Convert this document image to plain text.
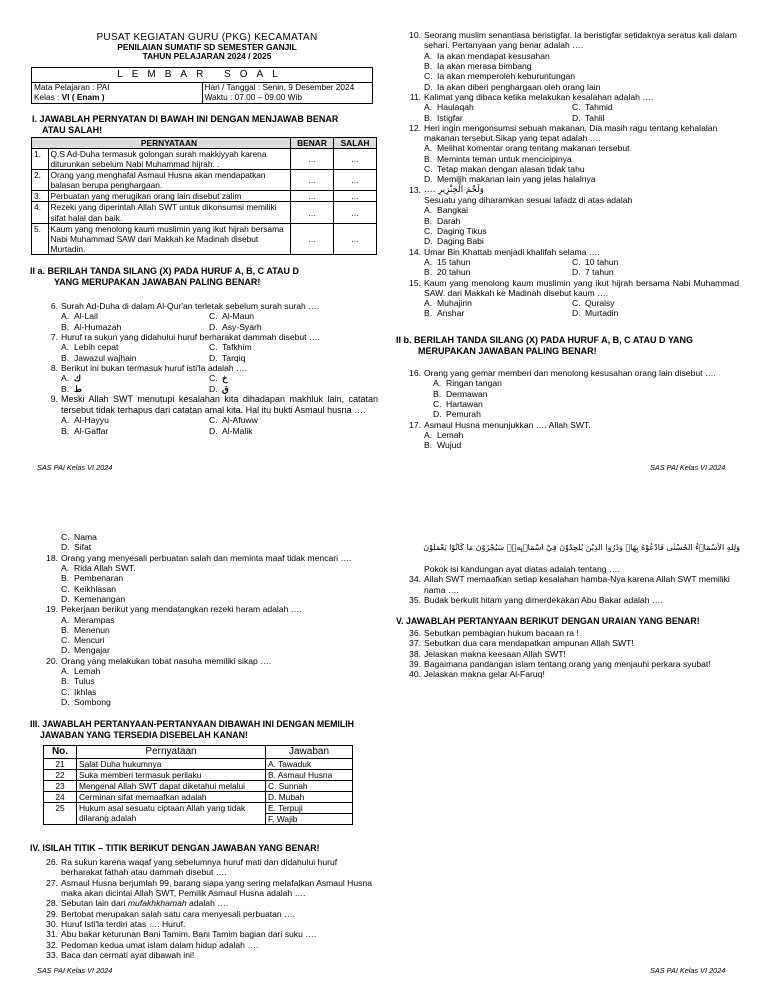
PUSAT KEGIATAN GURU (PKG) KECAMATAN
PENILAIAN SUMATIF SD SEMESTER GANJIL
TAHUN PELAJARAN 2024 / 2025
LEMBAR SOAL
Mata Pelajaran : PAI
Kelas : VI ( Enam )
Hari / Tanggal : Senin, 9 Desember 2024
Waktu : 07.00 – 09.00 Wib
I. JAWABLAH PERNYATAN DI BAWAH INI DENGAN MENJAWAB BENAR
ATAU SALAH!
	PERNYATAAN	BENAR	SALAH
1.	Q.S Ad-Duha termasuk golongan surah makkiyyah karena diturunkan sebelum Nabi Muhammad hijrah. .	…	…
2.	Orang yang menghafal Asmaul Husna akan mendapatkan balasan berupa penghargaan.	…	…
3.	Perbuatan yang merugikan orang lain disebut zalim	…	…
4.	Rezeki yang diperintah Allah SWT untuk dikonsumsi memiliki sifat halal dan baik.	…	…
5.	Kaum yang menolong kaum muslimin yang ikut hijrah bersama Nabi Muhammad SAW dari Makkah ke Madinah disebut Murtadin.	…	…
II a. BERILAH TANDA SILANG (X) PADA HURUF A, B, C ATAU D
YANG MERUPAKAN JAWABAN PALING BENAR!
6. Surah Ad-Duha di dalam Al-Qur'an terletak sebelum surah surah ….
A. Al-Lail	C. Al-Maun
B. Al-Humazah	D. Asy-Syarh
7. Huruf ra sukun yang didahului huruf berharakat dammah disebut ….
A. Lebih cepat	C. Tafkhim
B. Jawazul wajhain	D. Tarqiq
8. Berikut ini bukan termasuk huruf isti'la adalah ….
A. ك	C. خ
B. ط	D. ق
9. Meski Allah SWT menutupi kesalahan kita dihadapan makhluk lain, catatan tersebut tidak terhapus dari catatan amal kita. Hal itu bukti Asmaul husna ….
A. Al-Hayyu	C. Al-Afuww
B. Al-Gaffar	D. Al-Malik
SAS PAI Kelas VI 2024
10. Seorang muslim senantiasa beristigfar. Ia beristigfar setidaknya seratus kali dalam sehari. Pertanyaan yang benar adalah ….
A. Ia akan mendapat kesusahan
B. Ia akan merasa bimbang
C. Ia akan memperoleh keburuntungan
D. Ia akan diberi penghargaan oleh orang lain
11. Kalimat yang dibaca ketika melakukan kesalahan adalah ….
A. Haulaqah	C. Tahmid
B. Istigfar	D. Tahlil
12. Heri ingin mengonsumsi sebuah makanan. Dia masih ragu tentang kehalalan makanan tersebut.Sikap yang tepat adalah ….
A. Melihat komentar orang tentang makanan tersebut
B. Meminta teman untuk mencicipinya
C. Tetap makan dengan alasan tidak tahu
D. Memilih makanan lain yang jelas halalnya
13. …. وَلَحْمَ الْخِنْزِيرِ
Sesuatu yang diharamkan sesuai lafadz di atas adalah
A. Bangkai
B. Darah
C. Daging Tikus
D. Daging Babi
14. Umar Bin Khattab menjadi khalifah selama ….
A. 15 tahun	C. 10 tahun
B. 20 tahun	D. 7 tahun
15. Kaum yang menolong kaum muslimin yang ikut hijrah bersama Nabi Muhammad SAW. dari Makkah ke Madinah disebut kaum ….
A. Muhajirin	C. Quraisy
B. Anshar	D. Murtadin
II b. BERILAH TANDA SILANG (X) PADA HURUF A, B, C ATAU D YANG
MERUPAKAN JAWABAN PALING BENAR!
16. Orang yang gemar memberi dan menolong kesusahan orang lain disebut ….
A. Ringan tangan
B. Dermawan
C. Hartawan
D. Pemurah
17. Asmaul Husna menunjukkan …. Allah SWT.
A. Lemah
B. Wujud
SAS PAI Kelas VI 2024
C. Nama
D. Sifat
18. Orang yang menyesali perbuatan salah dan meminta maaf tidak mencari ….
A. Rida Allah SWT.
B. Pembenaran
C. Keikhlasan
D. Kemenangan
19. Pekerjaan berikut yang mendatangkan rezeki haram adalah ….
A. Merampas
B. Menenun
C. Mencuri
D. Mengajar
20. Orang yang melakukan tobat nasuha memiliki sikap ….
A. Lemah
B. Tulus
C. Ikhlas
D. Sombong
III. JAWABLAH PERTANYAAN-PERTANYAAN DIBAWAH INI DENGAN MEMILIH
JAWABAN YANG TERSEDIA DISEBELAH KANAN!
No.	Pernyataan	Jawaban
21	Salat Duha hukumnya	A. Tawaduk
22	Suka memberi termasuk perilaku	B. Asmaul Husna
23	Mengenal Allah SWT dapat diketahui melalui	C. Sunnah
24	Cerminan sifat memaafkan adalah	D. Mubah
25	Hukum asal sesuatu ciptaan Allah yang tidak dilarang adalah	E. Terpuji
		F. Wajib
IV. ISILAH TITIK – TITIK BERIKUT DENGAN JAWABAN YANG BENAR!
26. Ra sukun karena waqaf yang sebelumnya huruf mati dan didahului huruf berharakat fathah atau dammah disebut ….
27. Asmaul Husna berjumlah 99, barang siapa yang sering melafalkan Asmaul Husna maka akan dicintai Allah SWT, Pemilik Asmaul Husna adalah ….
28. Sebutan lain dari mufakhkhamah adalah ….
29. Bertobat merupakan salah satu cara menyesali perbuatan ….
30. Huruf Isti'la terdiri atas …. Huruf.
31. Abu bakar keturunan Bani Tamim. Bani Tamim bagian dari suku ….
32. Pedoman kedua umat islam dalam hidup adalah ….
33. Baca dan cermati ayat dibawah ini!
SAS PAI Kelas VI 2024
وَلِلّٰهِ الْاَسْمَاۤءُ الْحُسْنٰى فَادْعُوْهُ بِهَاۖ وَذَرُوا الَّذِيْنَ يُلْحِدُوْنَ فِيْٓ اَسْمَاۤىِٕهٖۗ سَيُجْزَوْنَ مَا كَانُوْا يَعْمَلُوْنَ
Pokok isi kandungan ayat diatas adalah tentang ….
34. Allah SWT memaafkan setiap kesalahan hamba-Nya karena Allah SWT memiliki nama ….
35. Budak berkulit hitam yang dimerdekakan Abu Bakar adalah ….
V. JAWABLAH PERTANYAAN BERIKUT DENGAN URAIAN YANG BENAR!
36. Sebutkan pembagian hukum bacaan ra !
37. Sebutkan dua cara mendapatkan ampunan Allah SWT!
38. Jelaskan makna keesaan Allah SWT!
39. Bagaimana pandangan islam tentang orang yang menjauhi perkara syubat!
40. Jelaskan makna gelar Al-Faruq!
SAS PAI Kelas VI 2024
